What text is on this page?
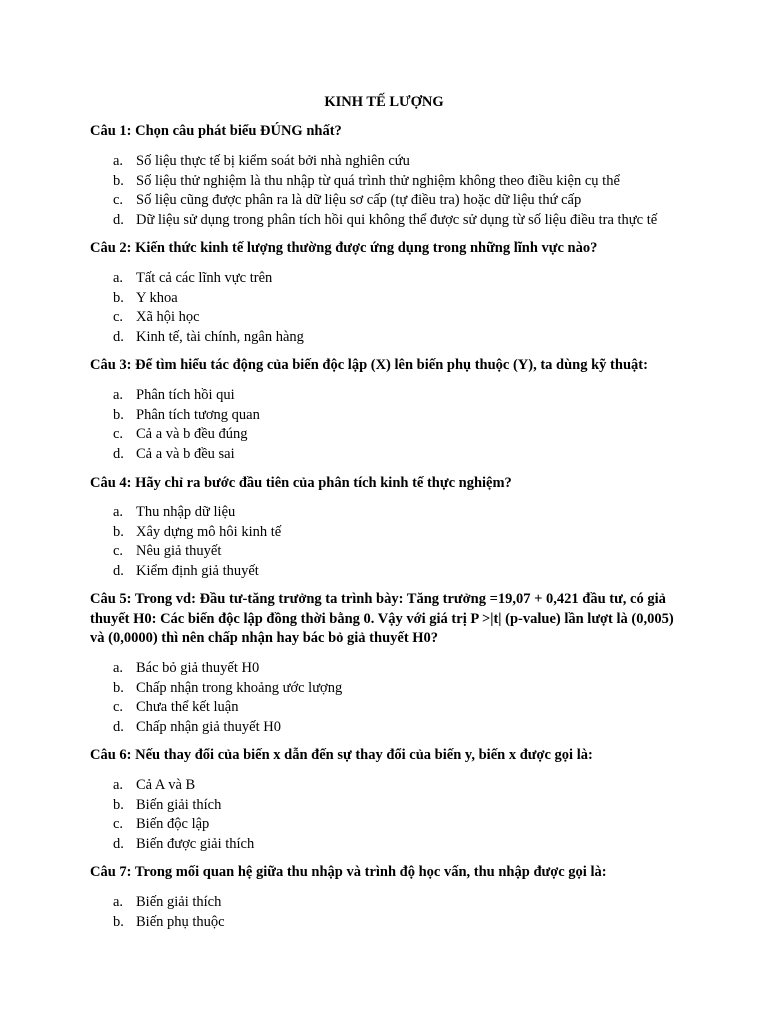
KINH TẾ LƯỢNG

Câu 1: Chọn câu phát biểu ĐÚNG nhất?

a. Số liệu thực tế bị kiểm soát bởi nhà nghiên cứu
b. Số liệu thử nghiệm là thu nhập từ quá trình thử nghiệm không theo điều kiện cụ thể
c. Số liệu cũng được phân ra là dữ liệu sơ cấp (tự điều tra) hoặc dữ liệu thứ cấp
d. Dữ liệu sử dụng trong phân tích hồi qui không thể được sử dụng từ số liệu điều tra thực tế

Câu 2: Kiến thức kinh tế lượng thường được ứng dụng trong những lĩnh vực nào?

a. Tất cả các lĩnh vực trên
b. Y khoa
c. Xã hội học
d. Kinh tế, tài chính, ngân hàng

Câu 3: Để tìm hiểu tác động của biến độc lập (X) lên biến phụ thuộc (Y), ta dùng kỹ thuật:

a. Phân tích hồi qui
b. Phân tích tương quan
c. Cả a và b đều đúng
d. Cả a và b đều sai

Câu 4: Hãy chỉ ra bước đầu tiên của phân tích kinh tế thực nghiệm?

a. Thu nhập dữ liệu
b. Xây dựng mô hôi kinh tế
c. Nêu giả thuyết
d. Kiểm định giả thuyết

Câu 5: Trong vd: Đầu tư-tăng trưởng ta trình bày: Tăng trưởng =19,07 + 0,421 đầu tư, có giả thuyết H0: Các biến độc lập đồng thời bằng 0. Vậy với giá trị P >|t| (p-value) lần lượt là (0,005) và (0,0000) thì nên chấp nhận hay bác bỏ giả thuyết H0?

a. Bác bỏ giả thuyết H0
b. Chấp nhận trong khoảng ước lượng
c. Chưa thể kết luận
d. Chấp nhận giả thuyết H0

Câu 6: Nếu thay đổi của biến x dẫn đến sự thay đổi của biến y, biến x được gọi là:

a. Cả A và B
b. Biến giải thích
c. Biến độc lập
d. Biến được giải thích

Câu 7: Trong mối quan hệ giữa thu nhập và trình độ học vấn, thu nhập được gọi là:

a. Biến giải thích
b. Biến phụ thuộc
